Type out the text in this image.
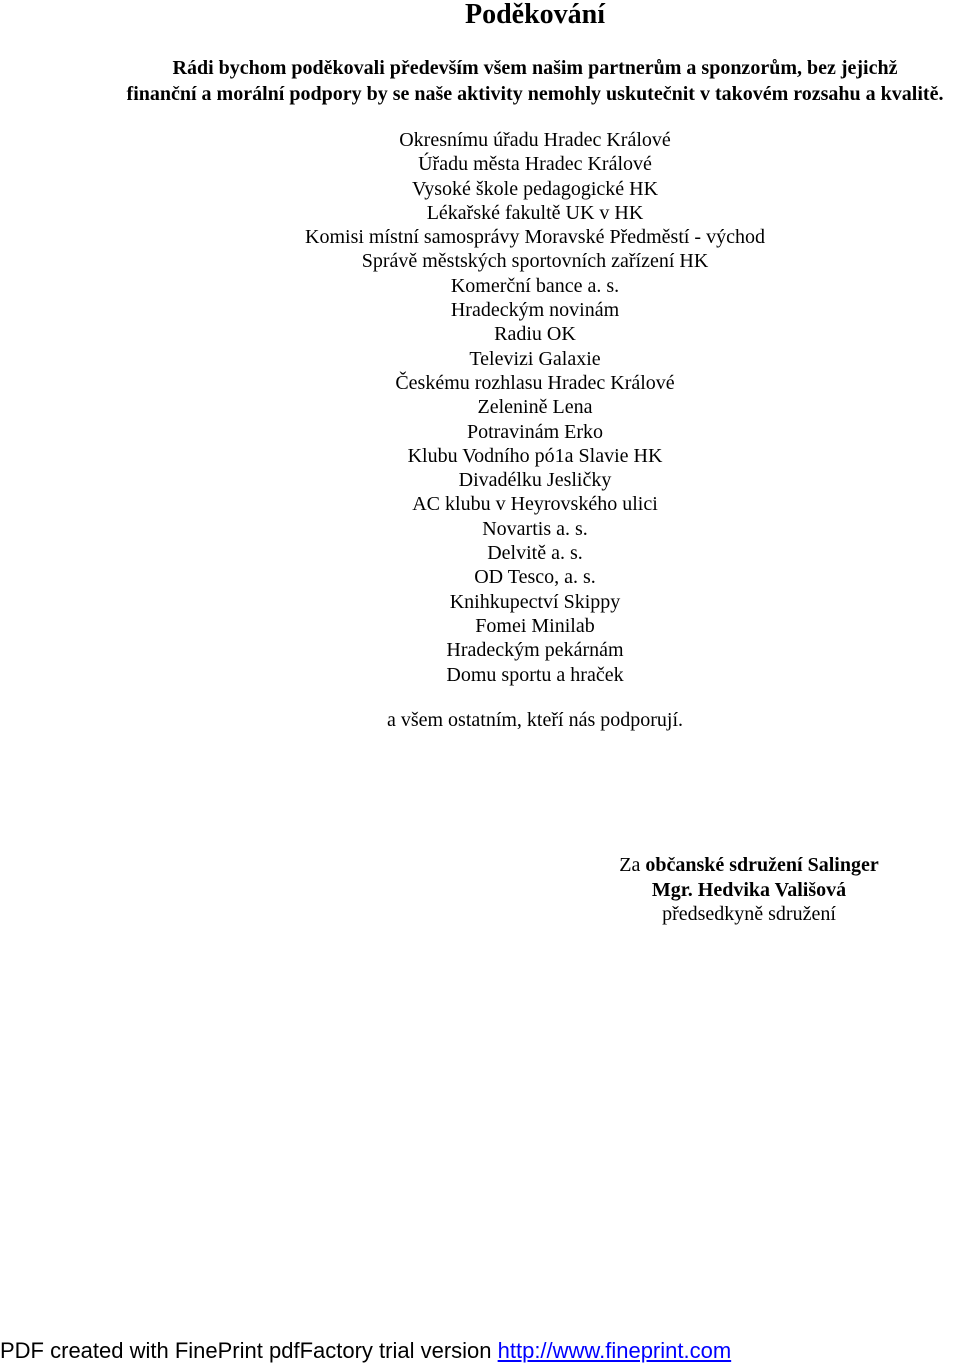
Poděkování
Rádi bychom poděkovali především všem našim partnerům a sponzorům, bez jejichž
finanční a morální podpory by se naše aktivity nemohly uskutečnit v takovém rozsahu a kvalitě.
Okresnímu úřadu Hradec Králové
Úřadu města Hradec Králové
Vysoké škole pedagogické HK
Lékařské fakultě UK v HK
Komisi místní samosprávy Moravské Předměstí - východ
Správě městských sportovních zařízení HK
Komerční bance a. s.
Hradeckým novinám
Radiu OK
Televizi Galaxie
Českému rozhlasu Hradec Králové
Zelenině Lena
Potravinám Erko
Klubu Vodního pó1a Slavie HK
Divadélku Jesličky
AC klubu v Heyrovského ulici
Novartis a. s.
Delvitě a. s.
OD Tesco, a. s.
Knihkupectví Skippy
Fomei Minilab
Hradeckým pekárnám
Domu sportu a hraček
a všem ostatním, kteří nás podporují.
Za občanské sdružení Salinger
Mgr. Hedvika Vališová
předsedkyně sdružení
PDF created with FinePrint pdfFactory trial version http://www.fineprint.com
